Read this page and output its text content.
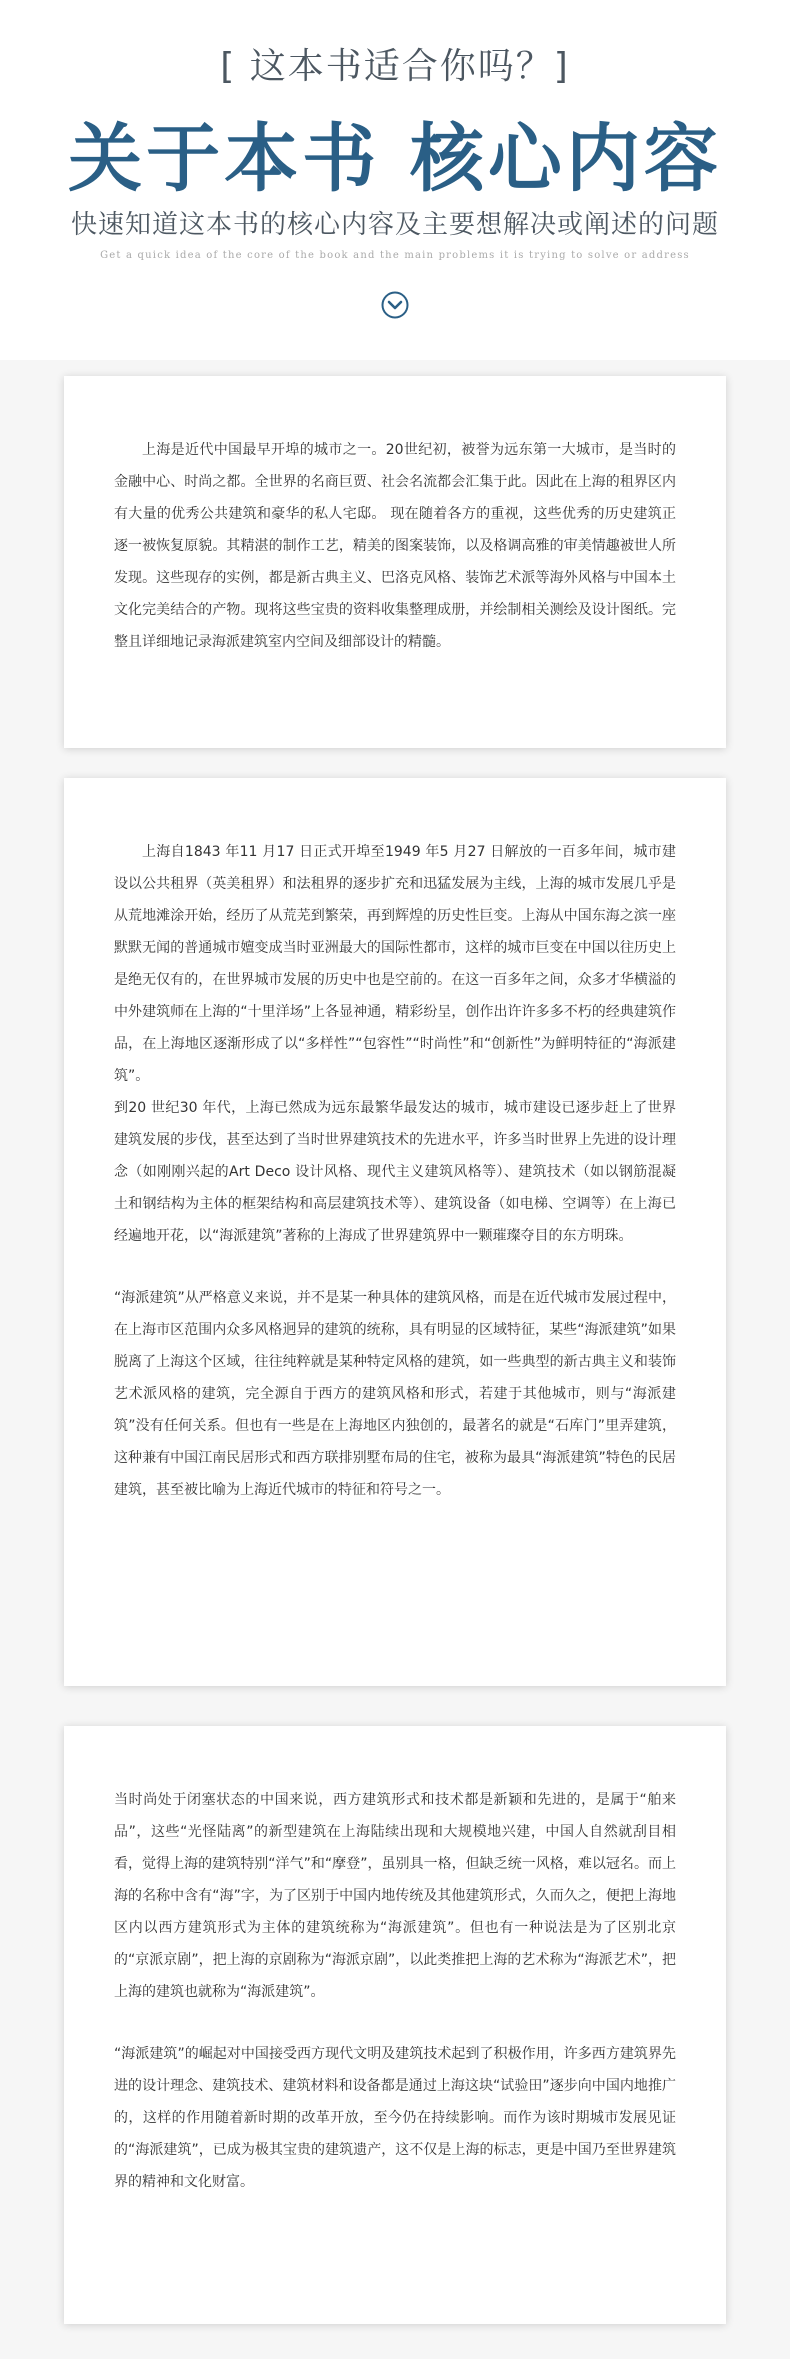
[ 这本书适合你吗？]
关于本书 核心内容
快速知道这本书的核心内容及主要想解决或阐述的问题
Get a quick idea of the core of the book and the main problems it is trying to solve or address

上海是近代中国最早开埠的城市之一。20世纪初，被誉为远东第一大城市，是当时的金融中心、时尚之都。全世界的名商巨贾、社会名流都会汇集于此。因此在上海的租界区内有大量的优秀公共建筑和豪华的私人宅邸。 现在随着各方的重视，这些优秀的历史建筑正逐一被恢复原貌。其精湛的制作工艺，精美的图案装饰，以及格调高雅的审美情趣被世人所发现。这些现存的实例，都是新古典主义、巴洛克风格、装饰艺术派等海外风格与中国本土文化完美结合的产物。现将这些宝贵的资料收集整理成册，并绘制相关测绘及设计图纸。完整且详细地记录海派建筑室内空间及细部设计的精髓。

上海自1843 年11 月17 日正式开埠至1949 年5 月27 日解放的一百多年间，城市建设以公共租界（英美租界）和法租界的逐步扩充和迅猛发展为主线，上海的城市发展几乎是从荒地滩涂开始，经历了从荒芜到繁荣，再到辉煌的历史性巨变。上海从中国东海之滨一座默默无闻的普通城市嬗变成当时亚洲最大的国际性都市，这样的城市巨变在中国以往历史上是绝无仅有的，在世界城市发展的历史中也是空前的。在这一百多年之间，众多才华横溢的中外建筑师在上海的“十里洋场”上各显神通，精彩纷呈，创作出许许多多不朽的经典建筑作品，在上海地区逐渐形成了以“多样性”“包容性”“时尚性”和“创新性”为鲜明特征的“海派建筑”。

到20 世纪30 年代，上海已然成为远东最繁华最发达的城市，城市建设已逐步赶上了世界建筑发展的步伐，甚至达到了当时世界建筑技术的先进水平，许多当时世界上先进的设计理念（如刚刚兴起的Art Deco 设计风格、现代主义建筑风格等）、建筑技术（如以钢筋混凝土和钢结构为主体的框架结构和高层建筑技术等）、建筑设备（如电梯、空调等）在上海已经遍地开花，以“海派建筑”著称的上海成了世界建筑界中一颗璀璨夺目的东方明珠。

“海派建筑”从严格意义来说，并不是某一种具体的建筑风格，而是在近代城市发展过程中，在上海市区范围内众多风格迥异的建筑的统称，具有明显的区域特征，某些“海派建筑”如果脱离了上海这个区域，往往纯粹就是某种特定风格的建筑，如一些典型的新古典主义和装饰艺术派风格的建筑，完全源自于西方的建筑风格和形式，若建于其他城市，则与“海派建筑”没有任何关系。但也有一些是在上海地区内独创的，最著名的就是“石库门”里弄建筑，这种兼有中国江南民居形式和西方联排别墅布局的住宅，被称为最具“海派建筑”特色的民居建筑，甚至被比喻为上海近代城市的特征和符号之一。

当时尚处于闭塞状态的中国来说，西方建筑形式和技术都是新颖和先进的，是属于“舶来品”，这些“光怪陆离”的新型建筑在上海陆续出现和大规模地兴建，中国人自然就刮目相看，觉得上海的建筑特别“洋气”和“摩登”，虽别具一格，但缺乏统一风格，难以冠名。而上海的名称中含有“海”字，为了区别于中国内地传统及其他建筑形式，久而久之，便把上海地区内以西方建筑形式为主体的建筑统称为“海派建筑”。但也有一种说法是为了区别北京的“京派京剧”，把上海的京剧称为“海派京剧”，以此类推把上海的艺术称为“海派艺术”，把上海的建筑也就称为“海派建筑”。

“海派建筑”的崛起对中国接受西方现代文明及建筑技术起到了积极作用，许多西方建筑界先进的设计理念、建筑技术、建筑材料和设备都是通过上海这块“试验田”逐步向中国内地推广的，这样的作用随着新时期的改革开放，至今仍在持续影响。而作为该时期城市发展见证的“海派建筑”，已成为极其宝贵的建筑遗产，这不仅是上海的标志，更是中国乃至世界建筑界的精神和文化财富。
